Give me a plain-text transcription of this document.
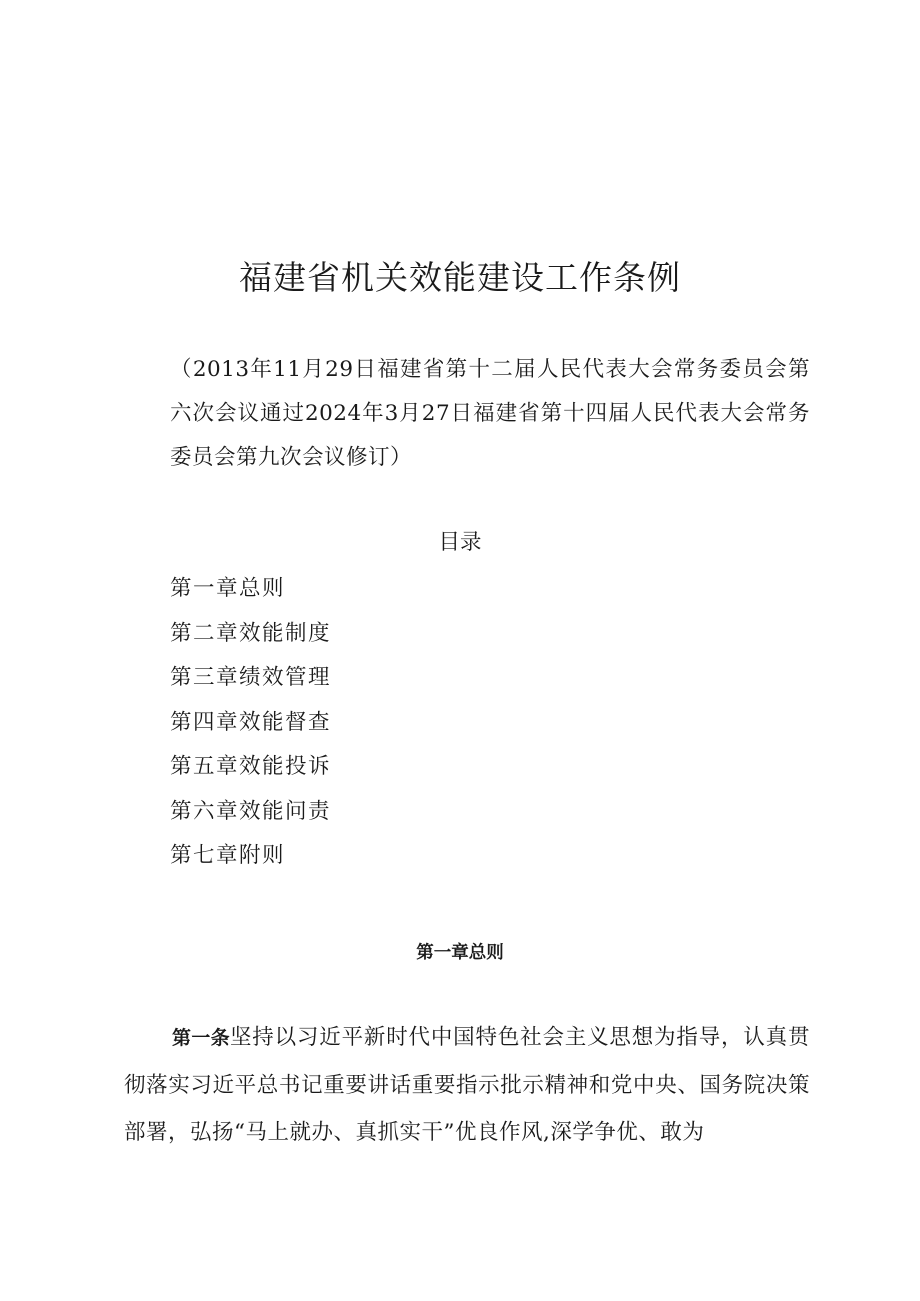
福建省机关效能建设工作条例

（2013年11月29日福建省第十二届人民代表大会常务委员会第六次会议通过2024年3月27日福建省第十四届人民代表大会常务委员会第九次会议修订）

目录
第一章总则
第二章效能制度
第三章绩效管理
第四章效能督查
第五章效能投诉
第六章效能问责
第七章附则
第一章总则

第一条坚持以习近平新时代中国特色社会主义思想为指导，认真贯彻落实习近平总书记重要讲话重要指示批示精神和党中央、国务院决策部署，弘扬“马上就办、真抓实干”优良作风,深学争优、敢为
